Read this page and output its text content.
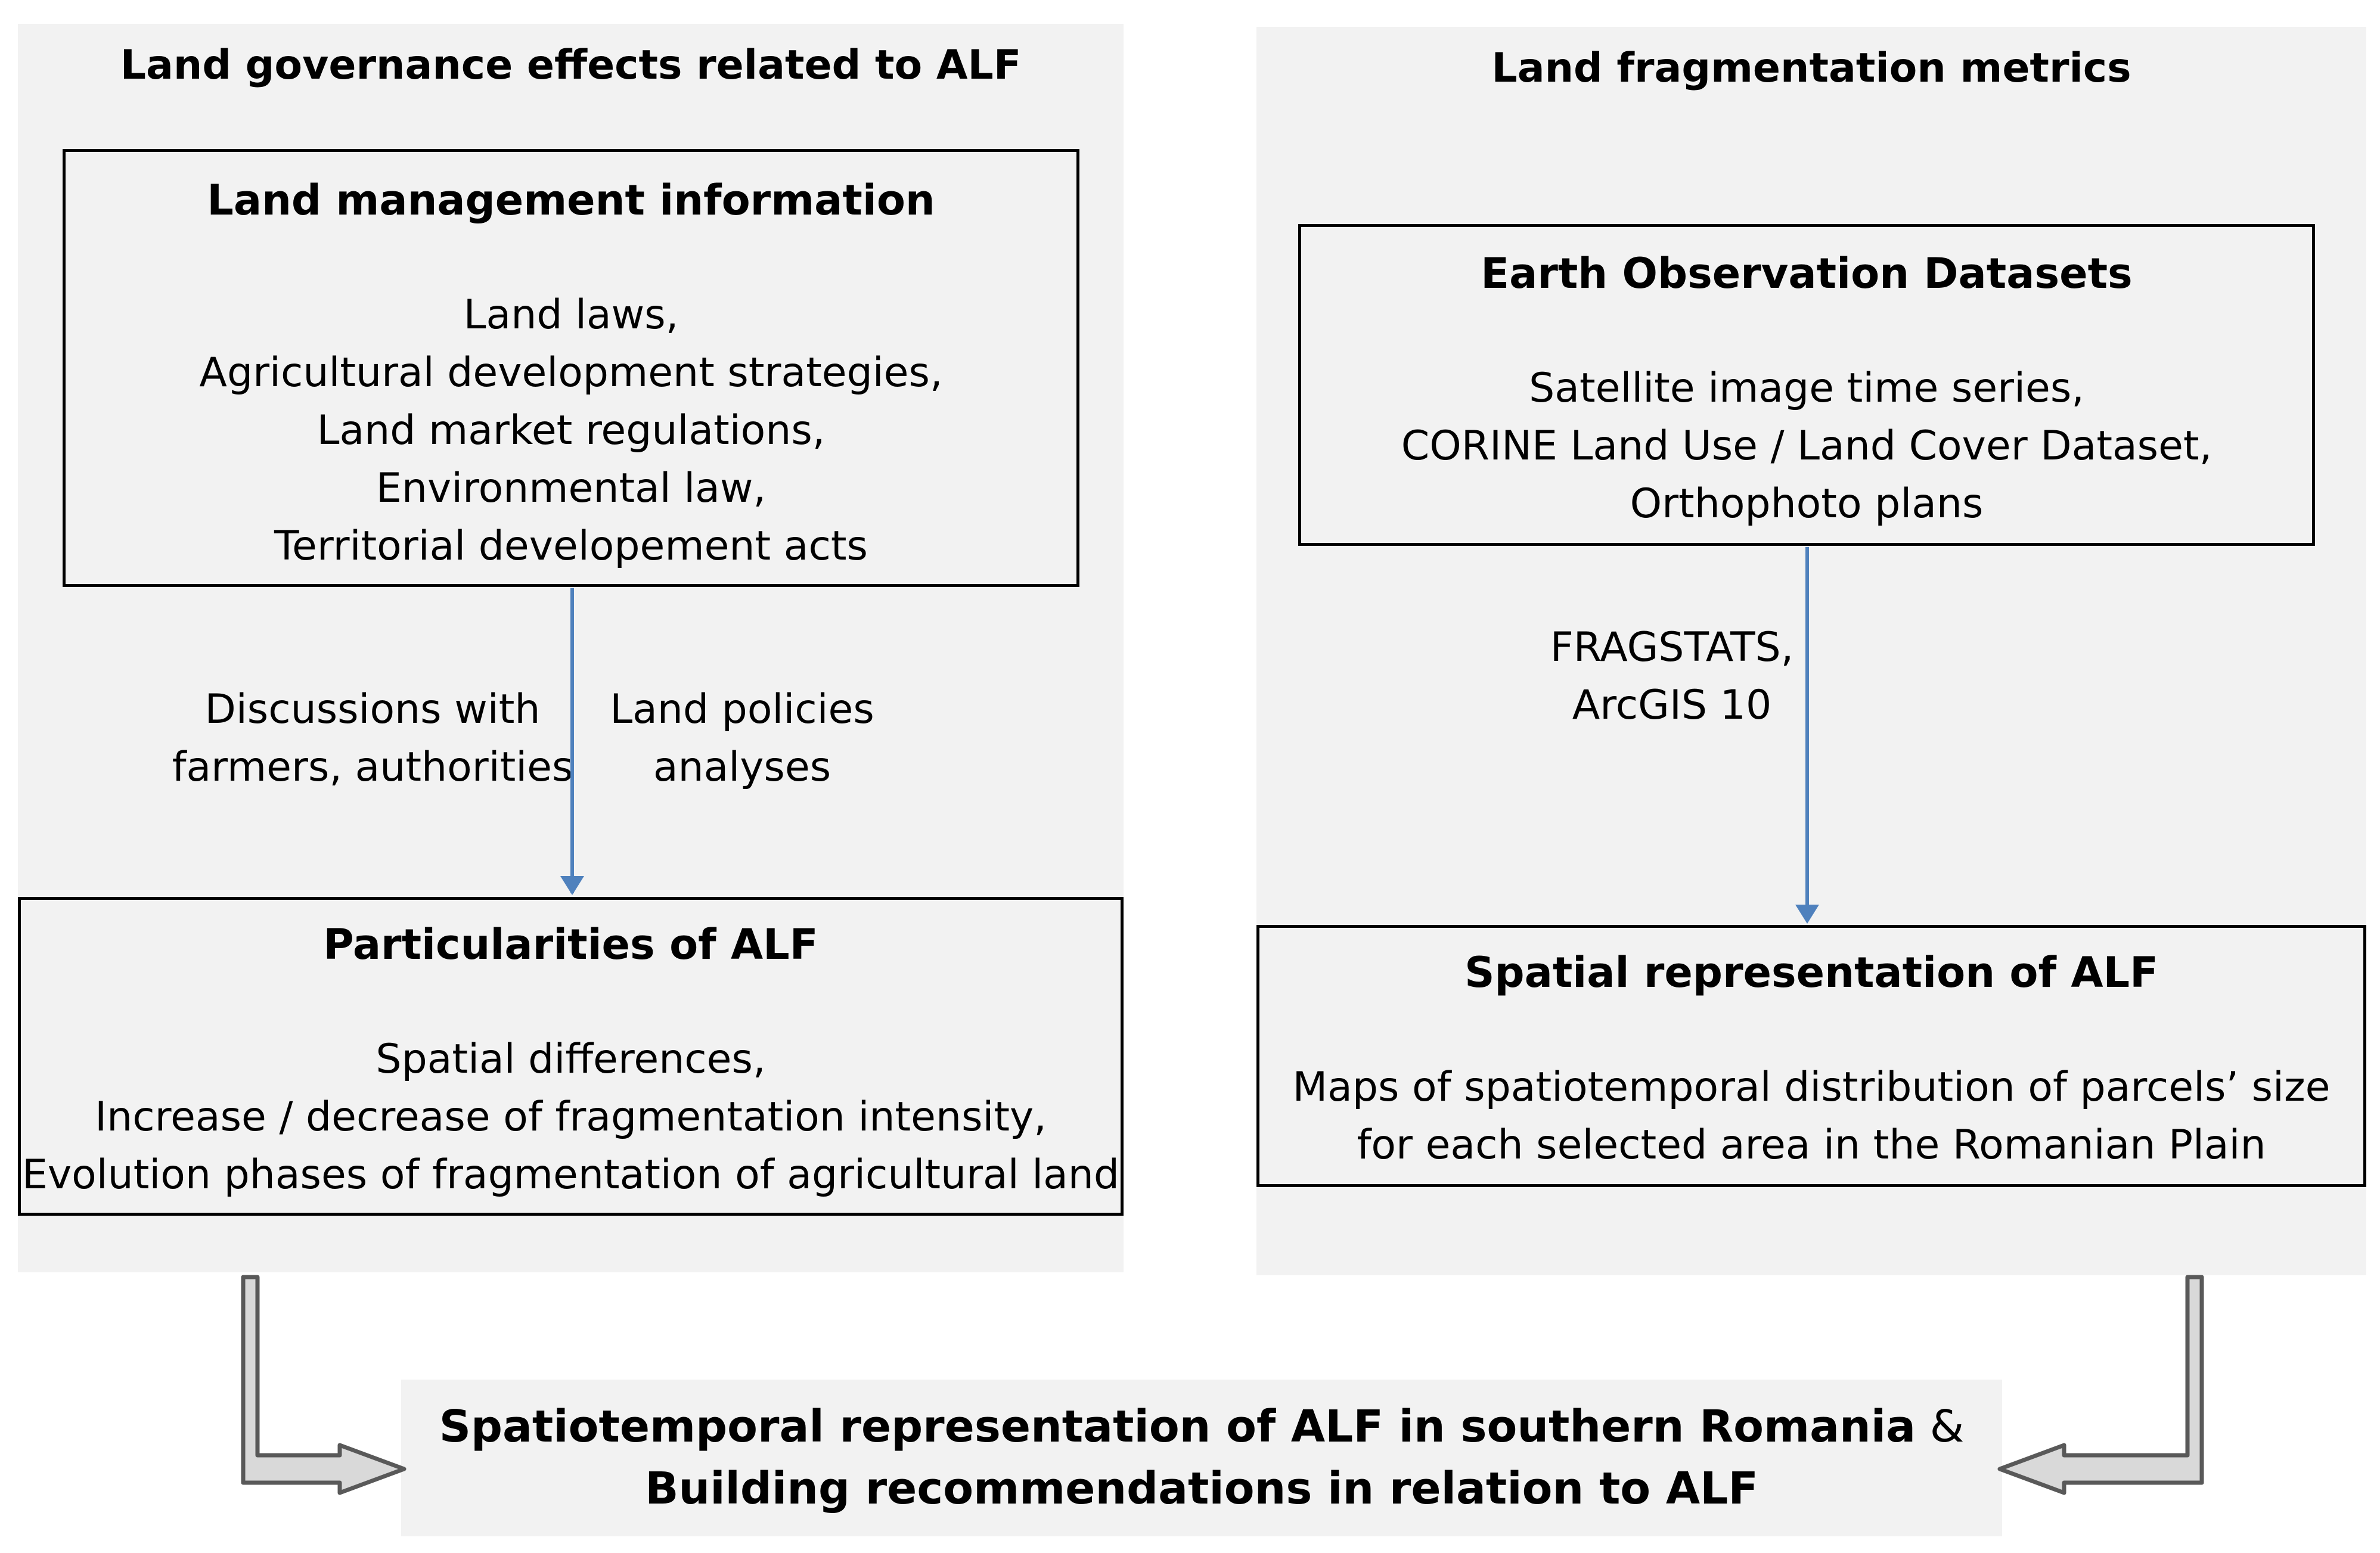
Land governance effects related to ALF	Land fragmentation metrics
Land management information
Land laws,
Agricultural development strategies,
Land market regulations,
Environmental law,
Territorial developement acts
Particularities of ALF
Spatial differences,
Increase / decrease of fragmentation intensity,
Evolution phases of fragmentation of agricultural land
Earth Observation Datasets
Satellite image time series,
CORINE Land Use / Land Cover Dataset,
Orthophoto plans
Spatial representation of ALF
Maps of spatiotemporal distribution of parcels’ size
for each selected area in the Romanian Plain
Discussions with
farmers, authorities
Land policies
analyses
FRAGSTATS,
ArcGIS 10
Spatiotemporal representation of ALF in southern Romania &
Building recommendations in relation to ALF
